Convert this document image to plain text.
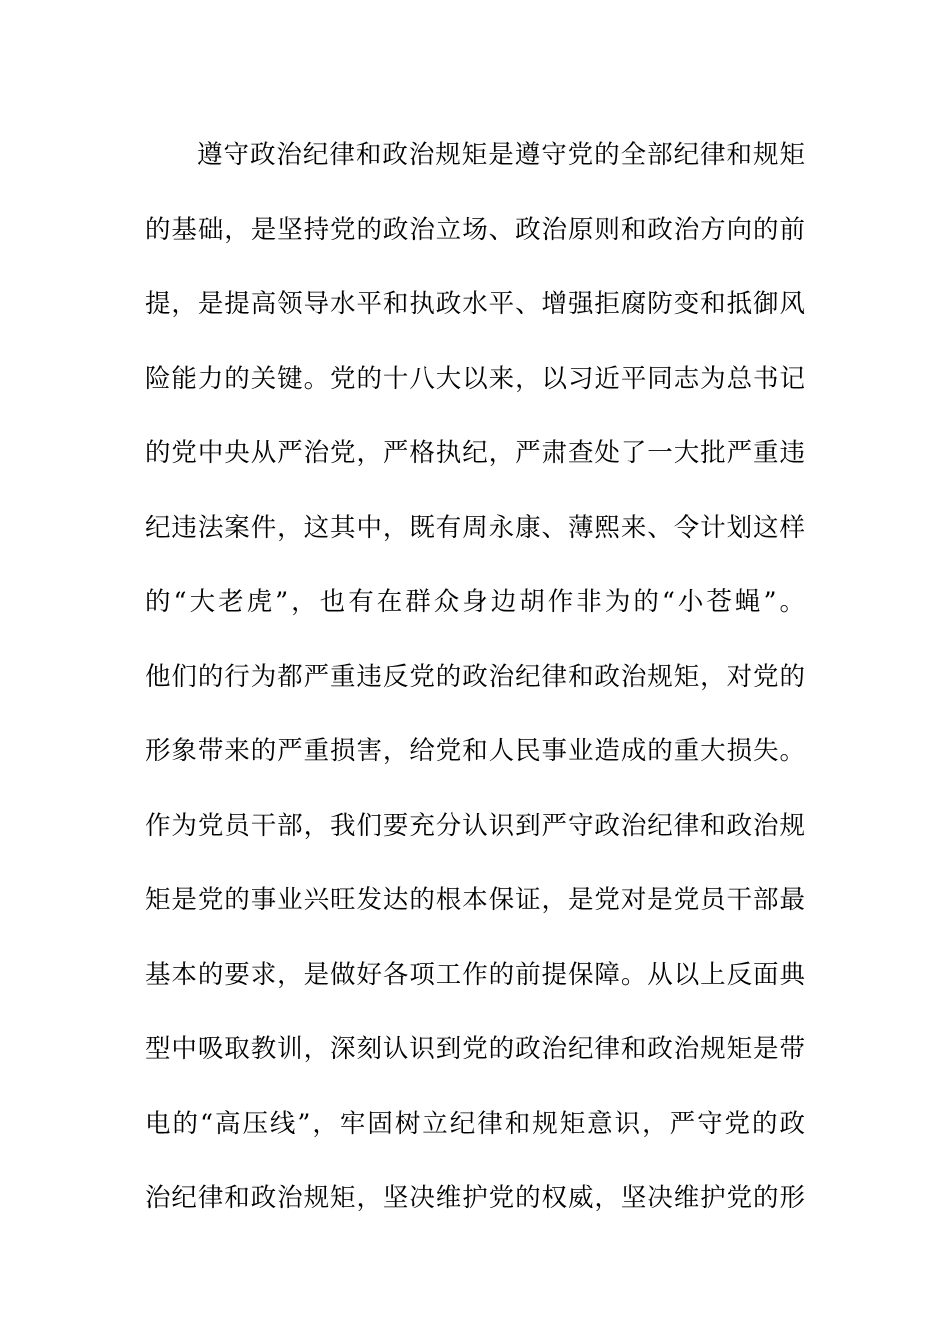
遵守政治纪律和政治规矩是遵守党的全部纪律和规矩
的基础，是坚持党的政治立场、政治原则和政治方向的前
提，是提高领导水平和执政水平、增强拒腐防变和抵御风
险能力的关键。党的十八大以来，以习近平同志为总书记
的党中央从严治党，严格执纪，严肃查处了一大批严重违
纪违法案件，这其中，既有周永康、薄熙来、令计划这样
的“大老虎”，也有在群众身边胡作非为的“小苍蝇”。
他们的行为都严重违反党的政治纪律和政治规矩，对党的
形象带来的严重损害，给党和人民事业造成的重大损失。
作为党员干部，我们要充分认识到严守政治纪律和政治规
矩是党的事业兴旺发达的根本保证，是党对是党员干部最
基本的要求，是做好各项工作的前提保障。从以上反面典
型中吸取教训，深刻认识到党的政治纪律和政治规矩是带
电的“高压线”，牢固树立纪律和规矩意识，严守党的政
治纪律和政治规矩，坚决维护党的权威，坚决维护党的形
